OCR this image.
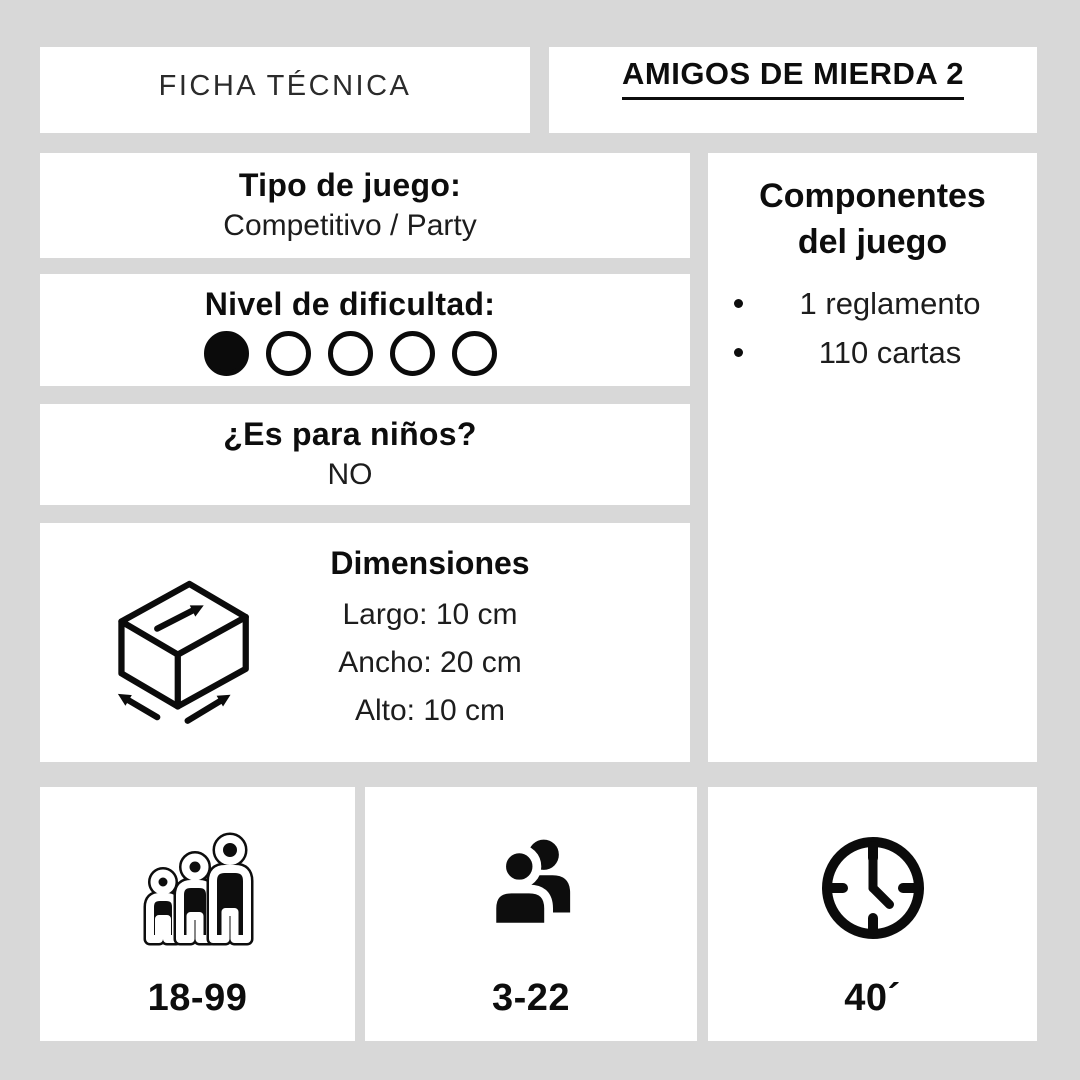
FICHA TÉCNICA	AMIGOS DE MIERDA 2
Tipo de juego:
Competitivo / Party
Nivel de dificultad:
¿Es para niños?
NO
Dimensiones
Largo: 10 cm
Ancho: 20 cm
Alto: 10 cm
Componentes
del juego
1 reglamento
110 cartas
18-99	3-22	40´
